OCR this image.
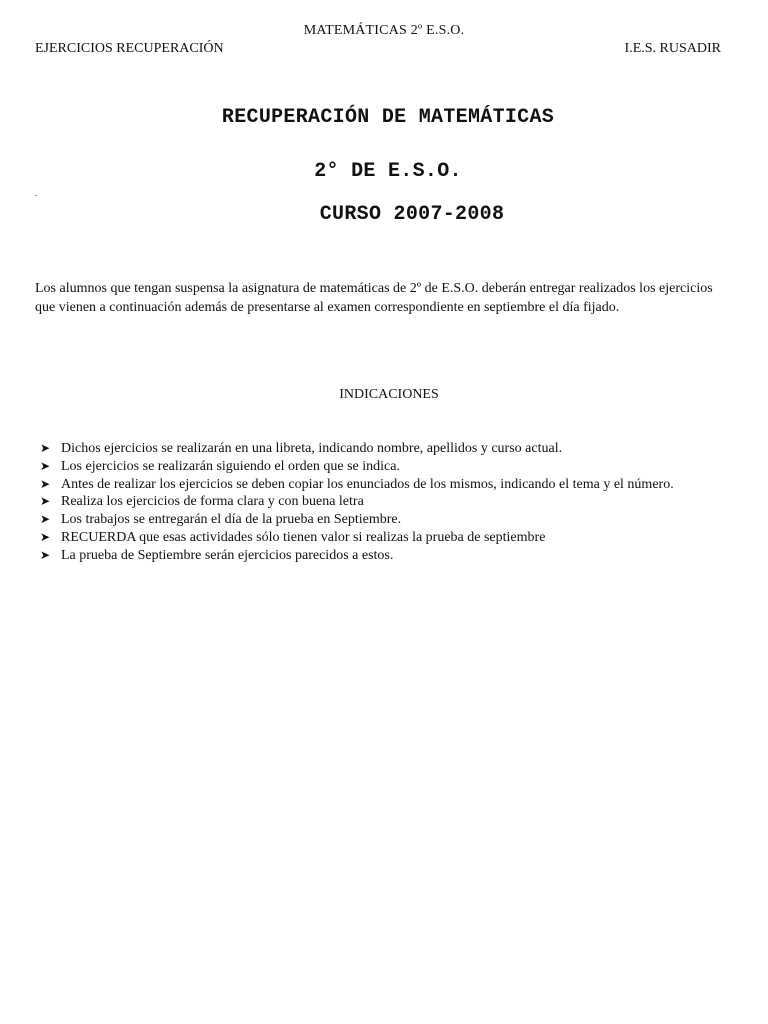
MATEMÁTICAS 2º E.S.O.
EJERCICIOS RECUPERACIÓN	I.E.S. RUSADIR
RECUPERACIÓN DE MATEMÁTICAS
2° DE E.S.O.
.
CURSO 2007-2008

Los alumnos que tengan suspensa la asignatura de matemáticas de 2º de E.S.O. deberán entregar realizados los ejercicios que vienen a continuación además de presentarse al examen correspondiente en septiembre el día fijado.

INDICACIONES
➤ Dichos ejercicios se realizarán en una libreta, indicando nombre, apellidos y curso actual.
➤ Los ejercicios se realizarán siguiendo el orden que se indica.
➤ Antes de realizar los ejercicios se deben copiar los enunciados de los mismos, indicando el tema y el número.
➤ Realiza los ejercicios de forma clara y con buena letra
➤ Los trabajos se entregarán el día de la prueba en Septiembre.
➤ RECUERDA que esas actividades sólo tienen valor si realizas la prueba de septiembre
➤ La prueba de Septiembre serán ejercicios parecidos a estos.
